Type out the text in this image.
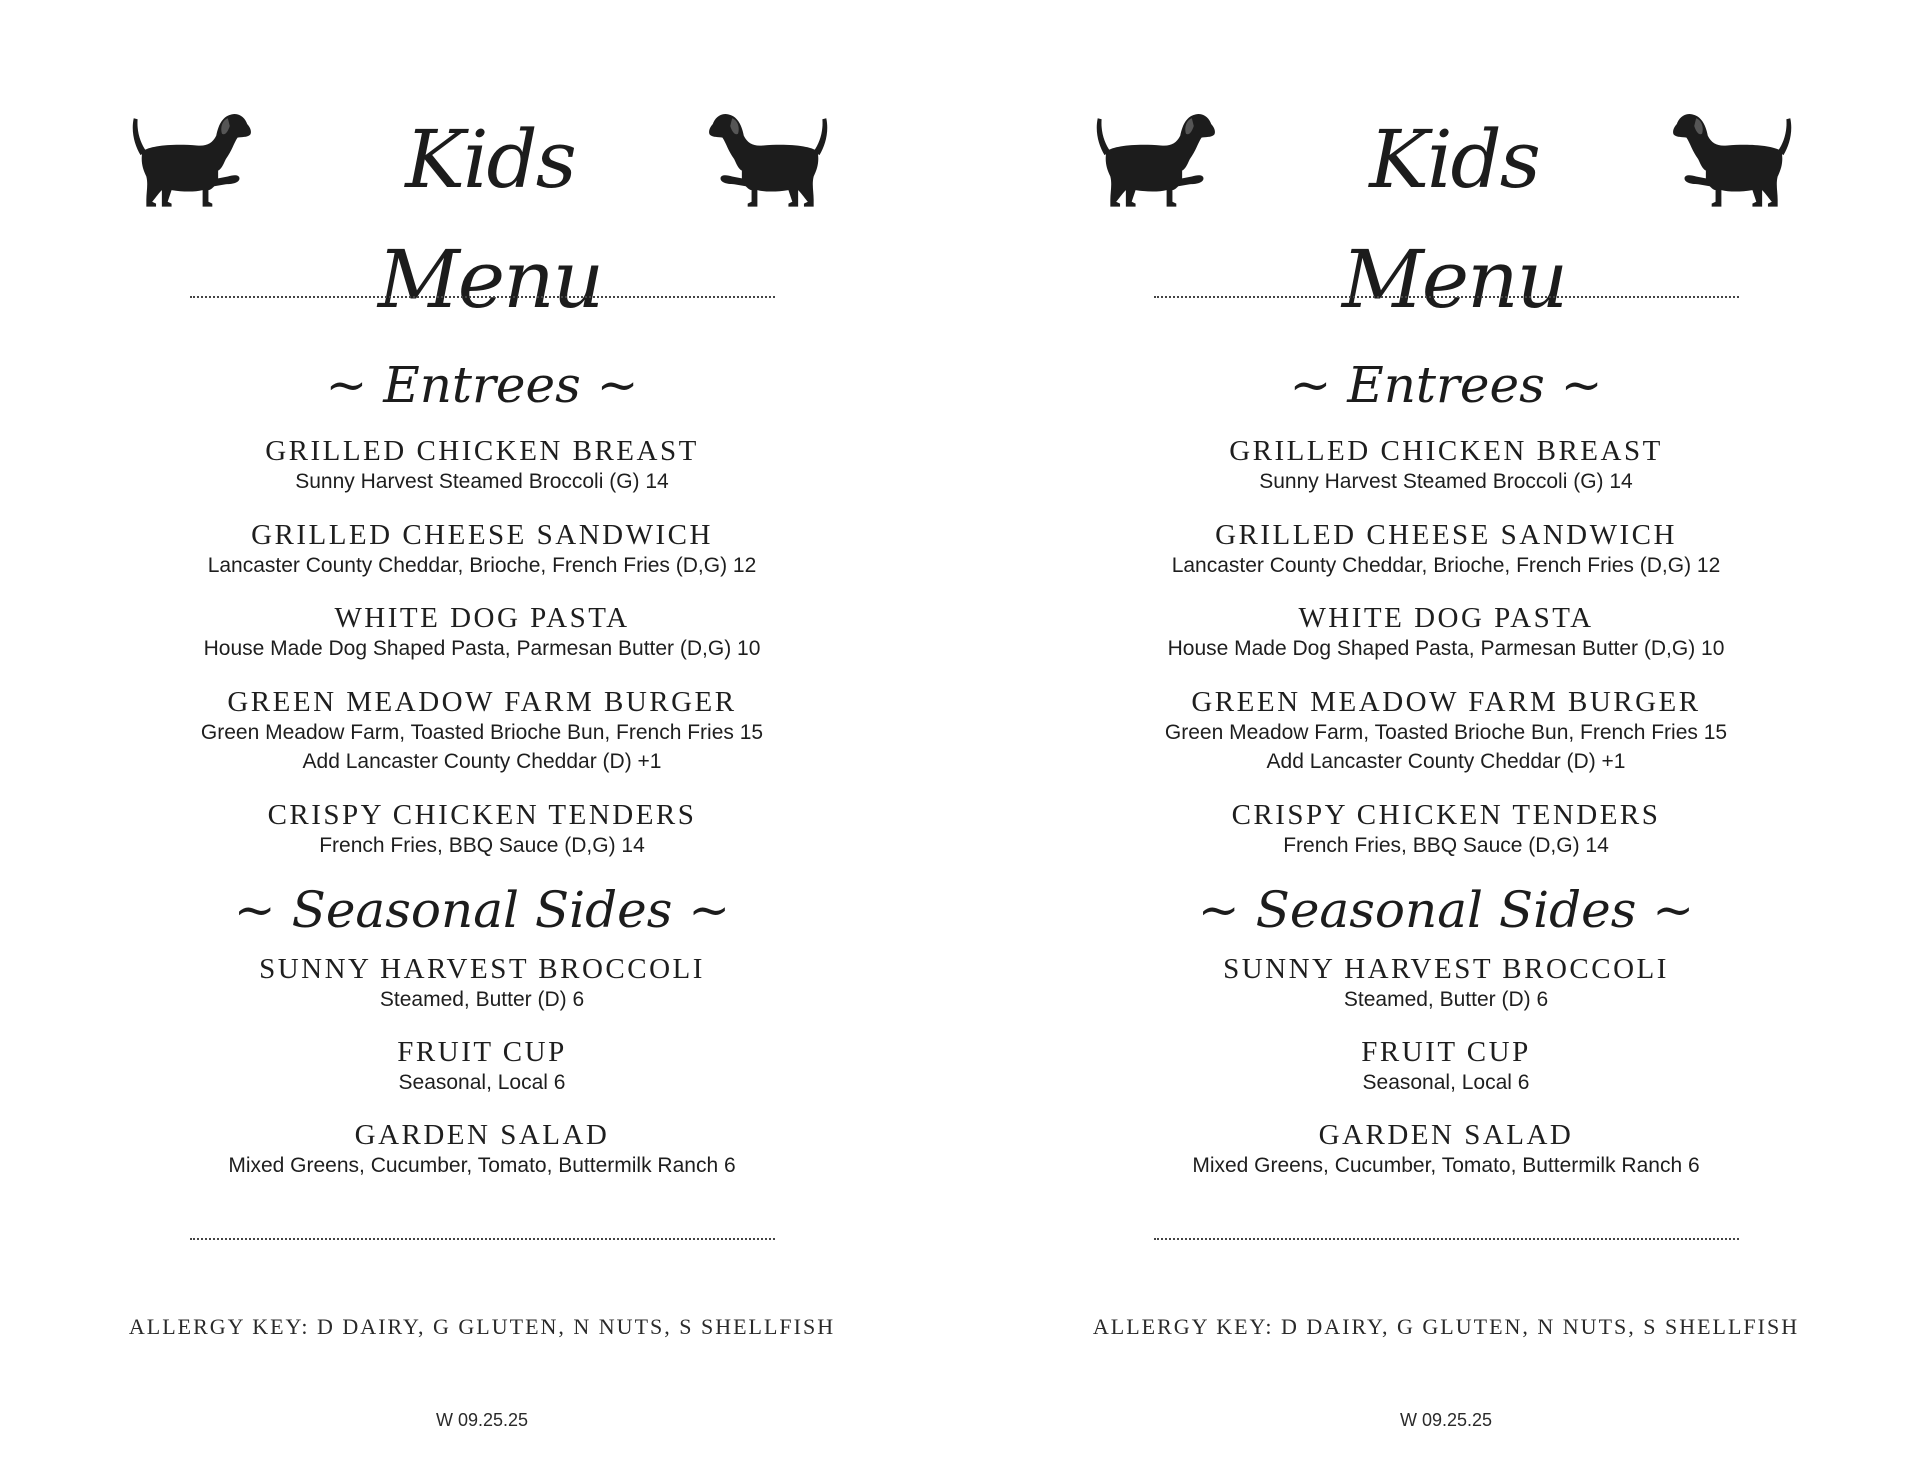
Kids Menu
~ Entrees ~
GRILLED CHICKEN BREAST
Sunny Harvest Steamed Broccoli (G) 14
GRILLED CHEESE SANDWICH
Lancaster County Cheddar, Brioche, French Fries (D,G) 12
WHITE DOG PASTA
House Made Dog Shaped Pasta, Parmesan Butter (D,G) 10
GREEN MEADOW FARM BURGER
Green Meadow Farm, Toasted Brioche Bun, French Fries 15
Add Lancaster County Cheddar (D) +1
CRISPY CHICKEN TENDERS
French Fries, BBQ Sauce (D,G) 14
~ Seasonal Sides ~
SUNNY HARVEST BROCCOLI
Steamed, Butter (D) 6
FRUIT CUP
Seasonal, Local 6
GARDEN SALAD
Mixed Greens, Cucumber, Tomato, Buttermilk Ranch 6
ALLERGY KEY: D DAIRY, G GLUTEN, N NUTS, S SHELLFISH
W 09.25.25
Kids Menu
~ Entrees ~
GRILLED CHICKEN BREAST
Sunny Harvest Steamed Broccoli (G) 14
GRILLED CHEESE SANDWICH
Lancaster County Cheddar, Brioche, French Fries (D,G) 12
WHITE DOG PASTA
House Made Dog Shaped Pasta, Parmesan Butter (D,G) 10
GREEN MEADOW FARM BURGER
Green Meadow Farm, Toasted Brioche Bun, French Fries 15
Add Lancaster County Cheddar (D) +1
CRISPY CHICKEN TENDERS
French Fries, BBQ Sauce (D,G) 14
~ Seasonal Sides ~
SUNNY HARVEST BROCCOLI
Steamed, Butter (D) 6
FRUIT CUP
Seasonal, Local 6
GARDEN SALAD
Mixed Greens, Cucumber, Tomato, Buttermilk Ranch 6
ALLERGY KEY: D DAIRY, G GLUTEN, N NUTS, S SHELLFISH
W 09.25.25
